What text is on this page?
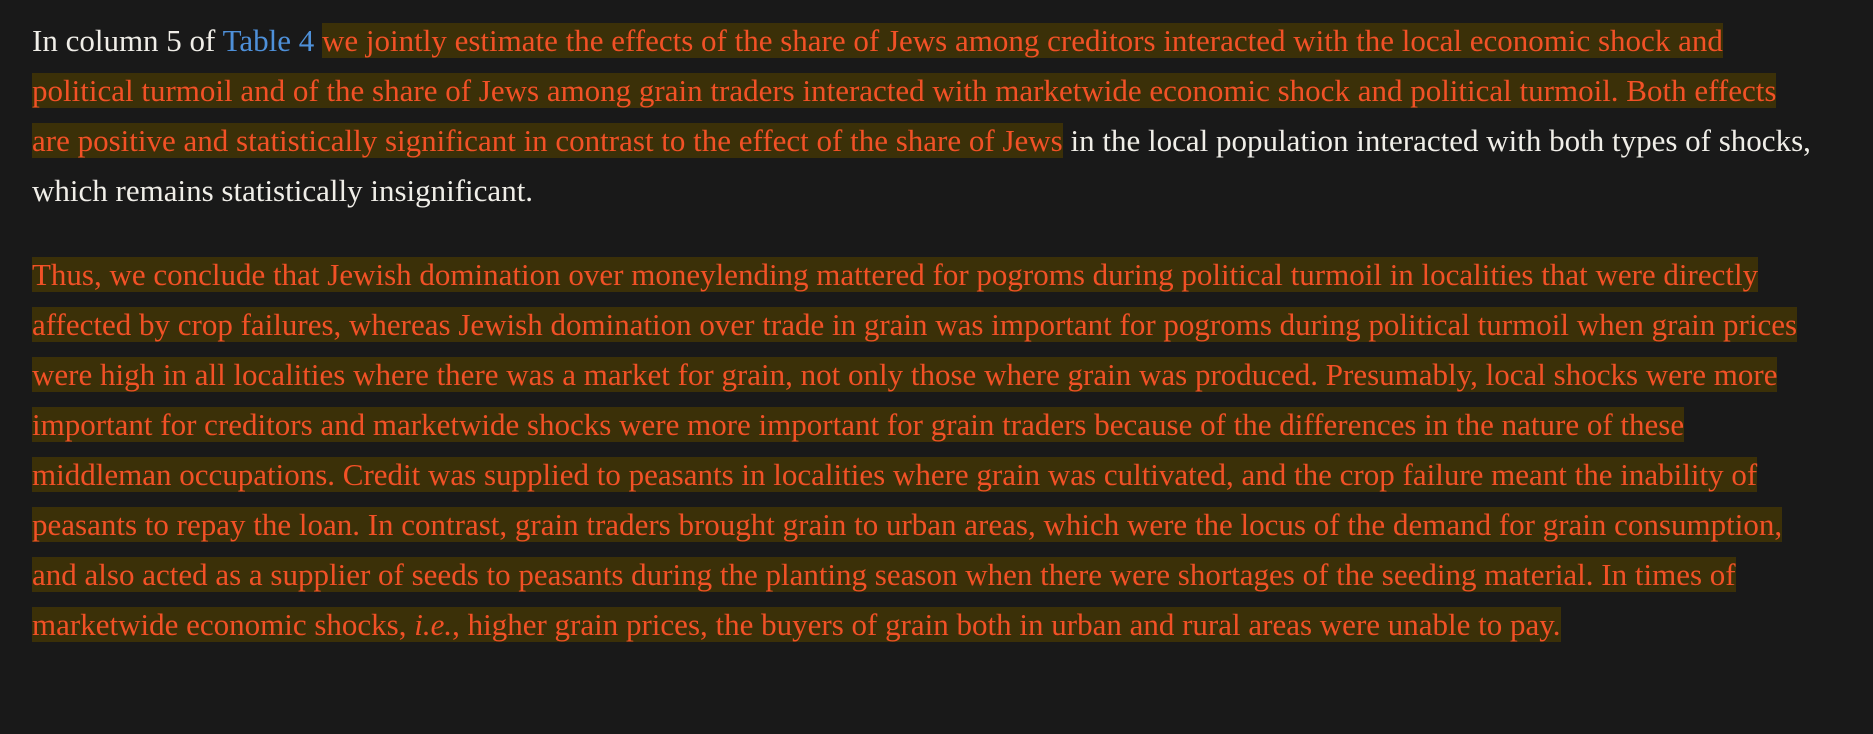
In column 5 of Table 4 we jointly estimate the effects of the share of Jews among creditors interacted with the local economic shock and political turmoil and of the share of Jews among grain traders interacted with marketwide economic shock and political turmoil. Both effects are positive and statistically significant in contrast to the effect of the share of Jews in the local population interacted with both types of shocks, which remains statistically insignificant.

Thus, we conclude that Jewish domination over moneylending mattered for pogroms during political turmoil in localities that were directly affected by crop failures, whereas Jewish domination over trade in grain was important for pogroms during political turmoil when grain prices were high in all localities where there was a market for grain, not only those where grain was produced. Presumably, local shocks were more important for creditors and marketwide shocks were more important for grain traders because of the differences in the nature of these middleman occupations. Credit was supplied to peasants in localities where grain was cultivated, and the crop failure meant the inability of peasants to repay the loan. In contrast, grain traders brought grain to urban areas, which were the locus of the demand for grain consumption, and also acted as a supplier of seeds to peasants during the planting season when there were shortages of the seeding material. In times of marketwide economic shocks, i.e., higher grain prices, the buyers of grain both in urban and rural areas were unable to pay.
